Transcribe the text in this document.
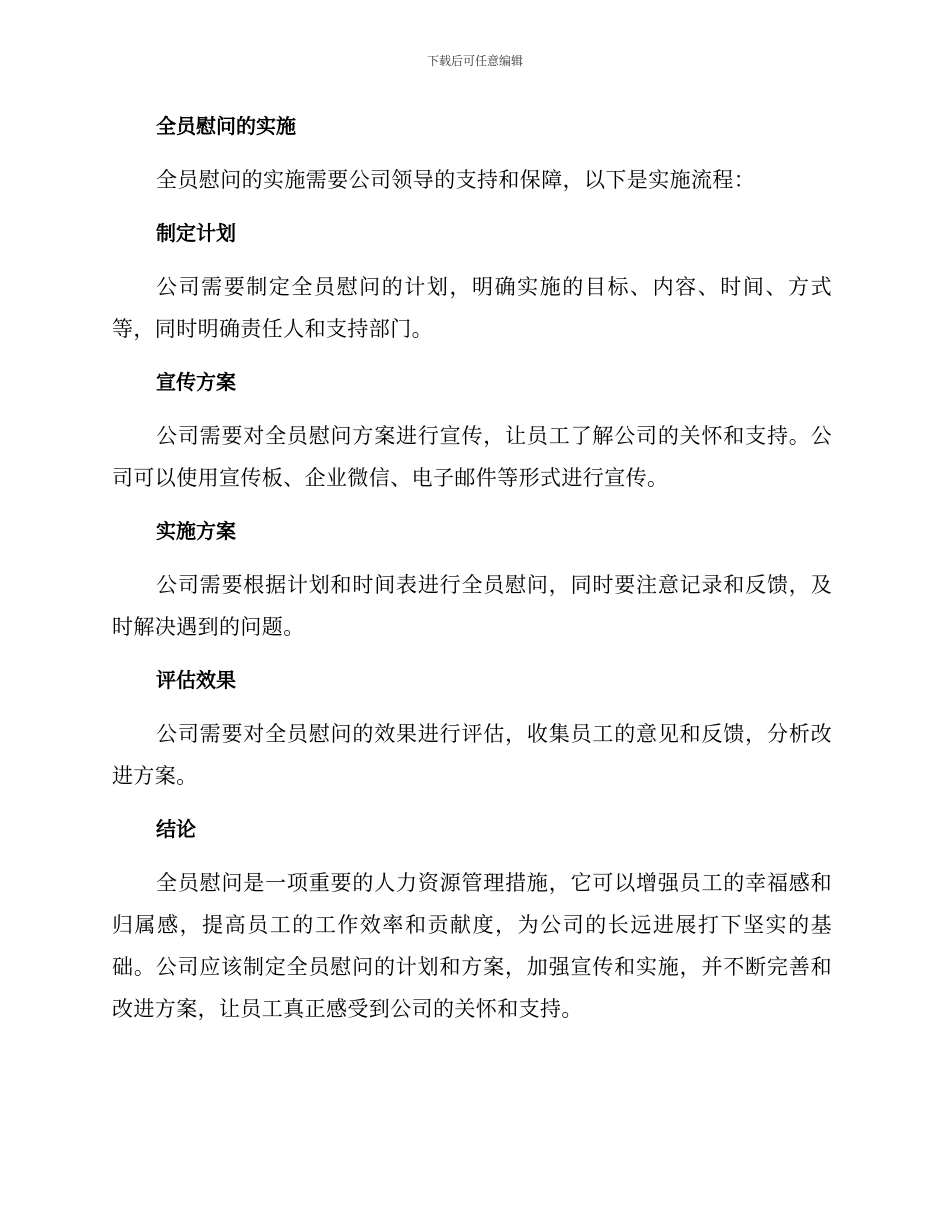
下载后可任意编辑
全员慰问的实施

全员慰问的实施需要公司领导的支持和保障，以下是实施流程：

制定计划

公司需要制定全员慰问的计划，明确实施的目标、内容、时间、方式等，同时明确责任人和支持部门。

宣传方案

公司需要对全员慰问方案进行宣传，让员工了解公司的关怀和支持。公司可以使用宣传板、企业微信、电子邮件等形式进行宣传。

实施方案

公司需要根据计划和时间表进行全员慰问，同时要注意记录和反馈，及时解决遇到的问题。

评估效果

公司需要对全员慰问的效果进行评估，收集员工的意见和反馈，分析改进方案。

结论

全员慰问是一项重要的人力资源管理措施，它可以增强员工的幸福感和归属感，提高员工的工作效率和贡献度，为公司的长远进展打下坚实的基础。公司应该制定全员慰问的计划和方案，加强宣传和实施，并不断完善和改进方案，让员工真正感受到公司的关怀和支持。
